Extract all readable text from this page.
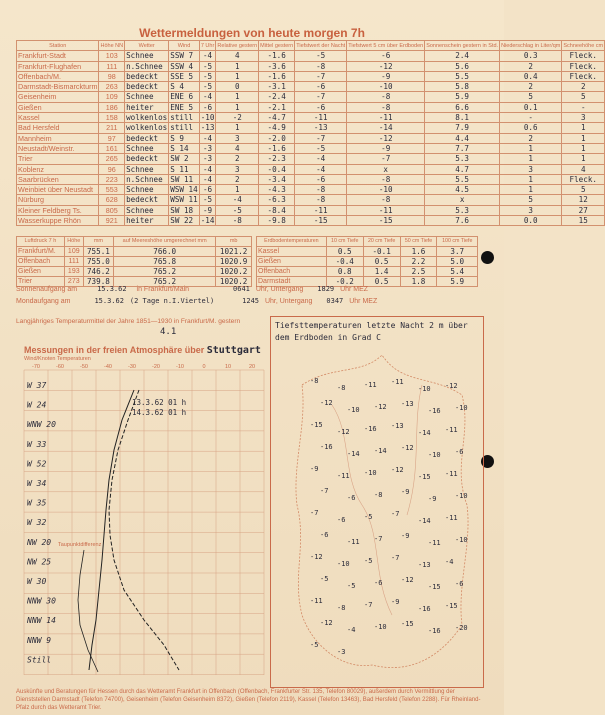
Wettermeldungen von heute morgen 7h
Station	Höhe NN	Wetter	Wind	7 Uhr	Relative gestern	Mittel gestern	Tiefstwert der Nacht	Tiefstwert 5 cm über Erdboden	Sonnenschein gestern in Std.	Niederschlag in Liter/qm	Schneehöhe cm
Frankfurt-Stadt	103	Schnee	SSW 7	-4	4	-1.6	-5	-6	2.4	0.3	Fleck.
Frankfurt-Flughafen	111	n.Schnee	SSW 4	-5	1	-3.6	-8	-12	5.6	2	Fleck.
Offenbach/M.	98	bedeckt	SSE 5	-5	1	-1.6	-7	-9	5.5	0.4	Fleck.
Darmstadt-Bismarckturm	263	bedeckt	S 4	-5	0	-3.1	-6	-10	5.8	2	2
Geisenheim	109	Schnee	ENE 6	-4	1	-2.4	-7	-8	5.9	5	5
Gießen	186	heiter	ENE 5	-6	1	-2.1	-6	-8	6.6	0.1	-
Kassel	158	wolkenlos	still	-10	-2	-4.7	-11	-11	8.1	-	3
Bad Hersfeld	211	wolkenlos	still	-13	1	-4.9	-13	-14	7.9	0.6	1
Mannheim	97	bedeckt	S 9	-4	3	-2.0	-7	-12	4.4	2	1
Neustadt/Weinstr.	161	Schnee	S 14	-3	4	-1.6	-5	-9	7.7	1	1
Trier	265	bedeckt	SW 2	-3	2	-2.3	-4	-7	5.3	1	1
Koblenz	96	Schnee	S 11	-4	3	-0.4	-4	x	4.7	3	4
Saarbrücken	223	n.Schnee	SW 11	-4	2	-3.4	-6	-8	5.5	1	Fleck.
Weinbiet über Neustadt	553	Schnee	WSW 14	-6	1	-4.3	-8	-10	4.5	1	5
Nürburg	628	bedeckt	WSW 11	-5	-4	-6.3	-8	-8	x	5	12
Kleiner Feldberg Ts.	805	Schnee	SW 18	-9	-5	-8.4	-11	-11	5.3	3	27
Wasserkuppe Rhön	921	heiter	SW 22	-14	-8	-9.8	-15	-15	7.6	0.0	15
Luftdruck 7 h	Höhe	mm	auf Meereshöhe umgerechnet mm	mb
Frankfurt/M.	109	755.1	766.0	1021.2
Offenbach	111	755.0	765.8	1020.9
Gießen	193	746.2	765.2	1020.2
Trier	273	739.8	765.2	1020.2
Erdbodentemperaturen	10 cm Tiefe	20 cm Tiefe	50 cm Tiefe	100 cm Tiefe
Kassel	0.5	-0.1	1.6	3.7
Gießen	-0.4	0.5	2.2	5.0
Offenbach	0.8	1.4	2.5	5.4
Darmstadt	-0.2	0.5	1.8	5.9
Sonnenaufgang am	15.3.62 in Frankfurt/Main	0641 Uhr, Untergang 1829 Uhr MEZ
Mondaufgang am	15.3.62 (2 Tage n.I.Viertel)	1245 Uhr, Untergang 0347 Uhr MEZ
Langjähriges Temperaturmittel der Jahre 1851—1930 in Frankfurt/M. gestern
4.1
Messungen in der freien Atmosphäre über Stuttgart
Wind/Knoten Temperaturen
13.3.62 01 h
14.3.62 01 h
Taupunktdifferenz
W 37
W 24
WNW 20
W 33
W 52
W 34
W 35
W 32
NW 20
NW 25
W 30
NNW 30
NNW 14
NNW 9
Still
-70	-60	-50	-40	-30	-20	-10	0	10	20
Tiefsttemperaturen letzte Nacht 2 m über dem Erdboden in Grad C
-8
-8	-11 -11
-10 -12
-12
-10 -12 -13
-16 -10
-15
-12 -16 -13
-14 -11
-16
-14 -14 -12
-10 -6
-9
-11 -10 -12
-15 -11
-7
-6	-8	-9
-9	-10
-7
-6	-5	-7
-14 -11
-6
-11 -7	-9
-11 -10
-12
-10 -5	-7
-13 -4
-5
-5	-6	-12
-15 -6
-11
-8	-7	-9
-16 -15
-12
-4	-10 -15
-16 -20
-5
-3
Auskünfte und Beratungen für Hessen durch das Wetteramt Frankfurt in Offenbach (Offenbach, Frankfurter Str. 135, Telefon 80029), außerdem durch Vermittlung der Dienststellen Darmstadt (Telefon 74700), Geisenheim (Telefon Geisenheim 8372), Gießen (Telefon 2119), Kassel (Telefon 13463), Bad Hersfeld (Telefon 2288). Für Rheinland-Pfalz durch das Wetteramt Trier.
